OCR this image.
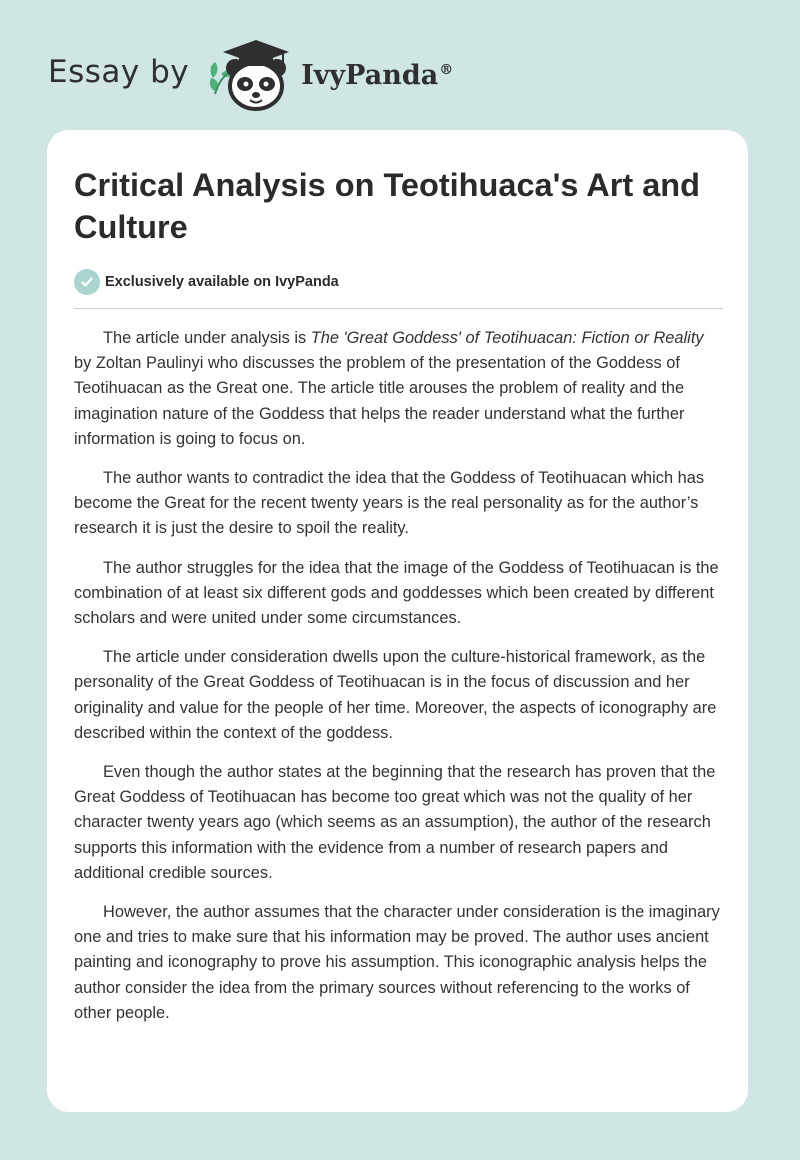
Essay by	IvyPanda®
Critical Analysis on Teotihuaca's Art and Culture
Exclusively available on IvyPanda

The article under analysis is The 'Great Goddess' of Teotihuacan: Fiction or Reality by Zoltan Paulinyi who discusses the problem of the presentation of the Goddess of Teotihuacan as the Great one. The article title arouses the problem of reality and the imagination nature of the Goddess that helps the reader understand what the further information is going to focus on.

The author wants to contradict the idea that the Goddess of Teotihuacan which has become the Great for the recent twenty years is the real personality as for the author’s research it is just the desire to spoil the reality.

The author struggles for the idea that the image of the Goddess of Teotihuacan is the combination of at least six different gods and goddesses which been created by different scholars and were united under some circumstances.

The article under consideration dwells upon the culture-historical framework, as the personality of the Great Goddess of Teotihuacan is in the focus of discussion and her originality and value for the people of her time. Moreover, the aspects of iconography are described within the context of the goddess.

Even though the author states at the beginning that the research has proven that the Great Goddess of Teotihuacan has become too great which was not the quality of her character twenty years ago (which seems as an assumption), the author of the research supports this information with the evidence from a number of research papers and additional credible sources.

However, the author assumes that the character under consideration is the imaginary one and tries to make sure that his information may be proved. The author uses ancient painting and iconography to prove his assumption. This iconographic analysis helps the author consider the idea from the primary sources without referencing to the works of other people.
